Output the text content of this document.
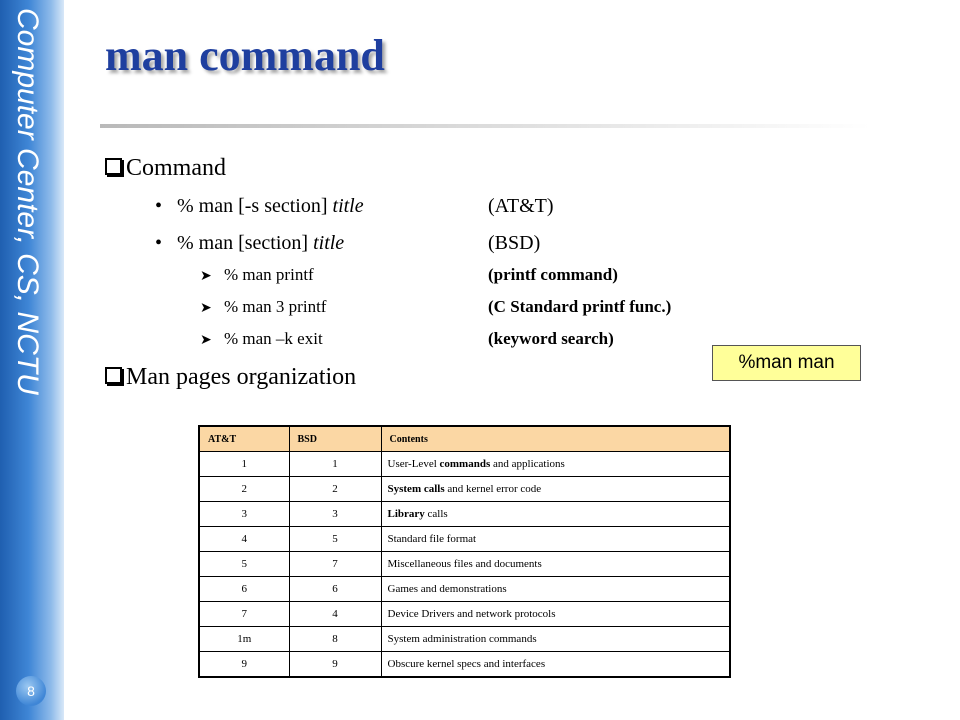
Computer Center, CS, NCTU
8
man command
Command
• % man [-s section] title	(AT&T)
• % man [section] title	(BSD)
➤ % man printf	(printf command)
➤ % man 3 printf	(C Standard printf func.)
➤ % man –k exit	(keyword search)
Man pages organization
%man man
AT&T	BSD	Contents
1	1	User-Level commands and applications
2	2	System calls and kernel error code
3	3	Library calls
4	5	Standard file format
5	7	Miscellaneous files and documents
6	6	Games and demonstrations
7	4	Device Drivers and network protocols
1m	8	System administration commands
9	9	Obscure kernel specs and interfaces
